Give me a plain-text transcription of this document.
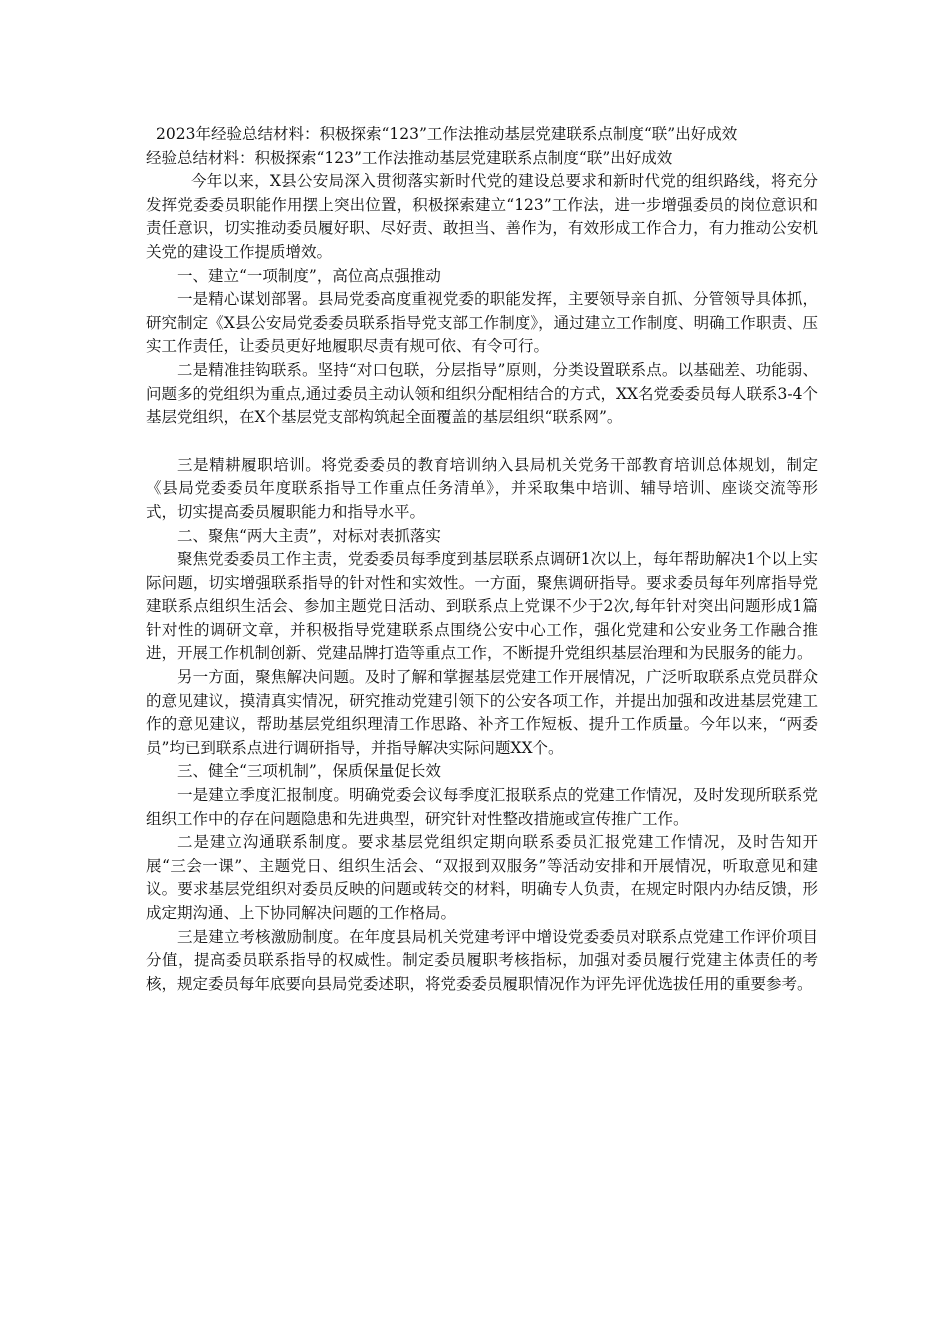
2023年经验总结材料：积极探索“123”工作法推动基层党建联系点制度“联”出好成效

经验总结材料：积极探索“123”工作法推动基层党建联系点制度“联”出好成效

今年以来，X县公安局深入贯彻落实新时代党的建设总要求和新时代党的组织路线，将充分发挥党委委员职能作用摆上突出位置，积极探索建立“123”工作法，进一步增强委员的岗位意识和责任意识，切实推动委员履好职、尽好责、敢担当、善作为，有效形成工作合力，有力推动公安机关党的建设工作提质增效。

一、建立“一项制度”，高位高点强推动

一是精心谋划部署。县局党委高度重视党委的职能发挥，主要领导亲自抓、分管领导具体抓，研究制定《X县公安局党委委员联系指导党支部工作制度》，通过建立工作制度、明确工作职责、压实工作责任，让委员更好地履职尽责有规可依、有令可行。

二是精准挂钩联系。坚持“对口包联，分层指导”原则，分类设置联系点。以基础差、功能弱、问题多的党组织为重点,通过委员主动认领和组织分配相结合的方式，XX名党委委员每人联系3-4个基层党组织，在X个基层党支部构筑起全面覆盖的基层组织“联系网”。

三是精耕履职培训。将党委委员的教育培训纳入县局机关党务干部教育培训总体规划，制定《县局党委委员年度联系指导工作重点任务清单》，并采取集中培训、辅导培训、座谈交流等形式，切实提高委员履职能力和指导水平。

二、聚焦“两大主责”，对标对表抓落实

聚焦党委委员工作主责，党委委员每季度到基层联系点调研1次以上，每年帮助解决1个以上实际问题，切实增强联系指导的针对性和实效性。一方面，聚焦调研指导。要求委员每年列席指导党建联系点组织生活会、参加主题党日活动、到联系点上党课不少于2次,每年针对突出问题形成1篇针对性的调研文章，并积极指导党建联系点围绕公安中心工作，强化党建和公安业务工作融合推进，开展工作机制创新、党建品牌打造等重点工作，不断提升党组织基层治理和为民服务的能力。

另一方面，聚焦解决问题。及时了解和掌握基层党建工作开展情况，广泛听取联系点党员群众的意见建议，摸清真实情况，研究推动党建引领下的公安各项工作，并提出加强和改进基层党建工作的意见建议，帮助基层党组织理清工作思路、补齐工作短板、提升工作质量。今年以来，“两委员”均已到联系点进行调研指导，并指导解决实际问题XX个。

三、健全“三项机制”，保质保量促长效

一是建立季度汇报制度。明确党委会议每季度汇报联系点的党建工作情况，及时发现所联系党组织工作中的存在问题隐患和先进典型，研究针对性整改措施或宣传推广工作。

二是建立沟通联系制度。要求基层党组织定期向联系委员汇报党建工作情况，及时告知开展“三会一课”、主题党日、组织生活会、“双报到双服务”等活动安排和开展情况，听取意见和建议。要求基层党组织对委员反映的问题或转交的材料，明确专人负责，在规定时限内办结反馈，形成定期沟通、上下协同解决问题的工作格局。

三是建立考核激励制度。在年度县局机关党建考评中增设党委委员对联系点党建工作评价项目分值，提高委员联系指导的权威性。制定委员履职考核指标，加强对委员履行党建主体责任的考核，规定委员每年底要向县局党委述职，将党委委员履职情况作为评先评优选拔任用的重要参考。
